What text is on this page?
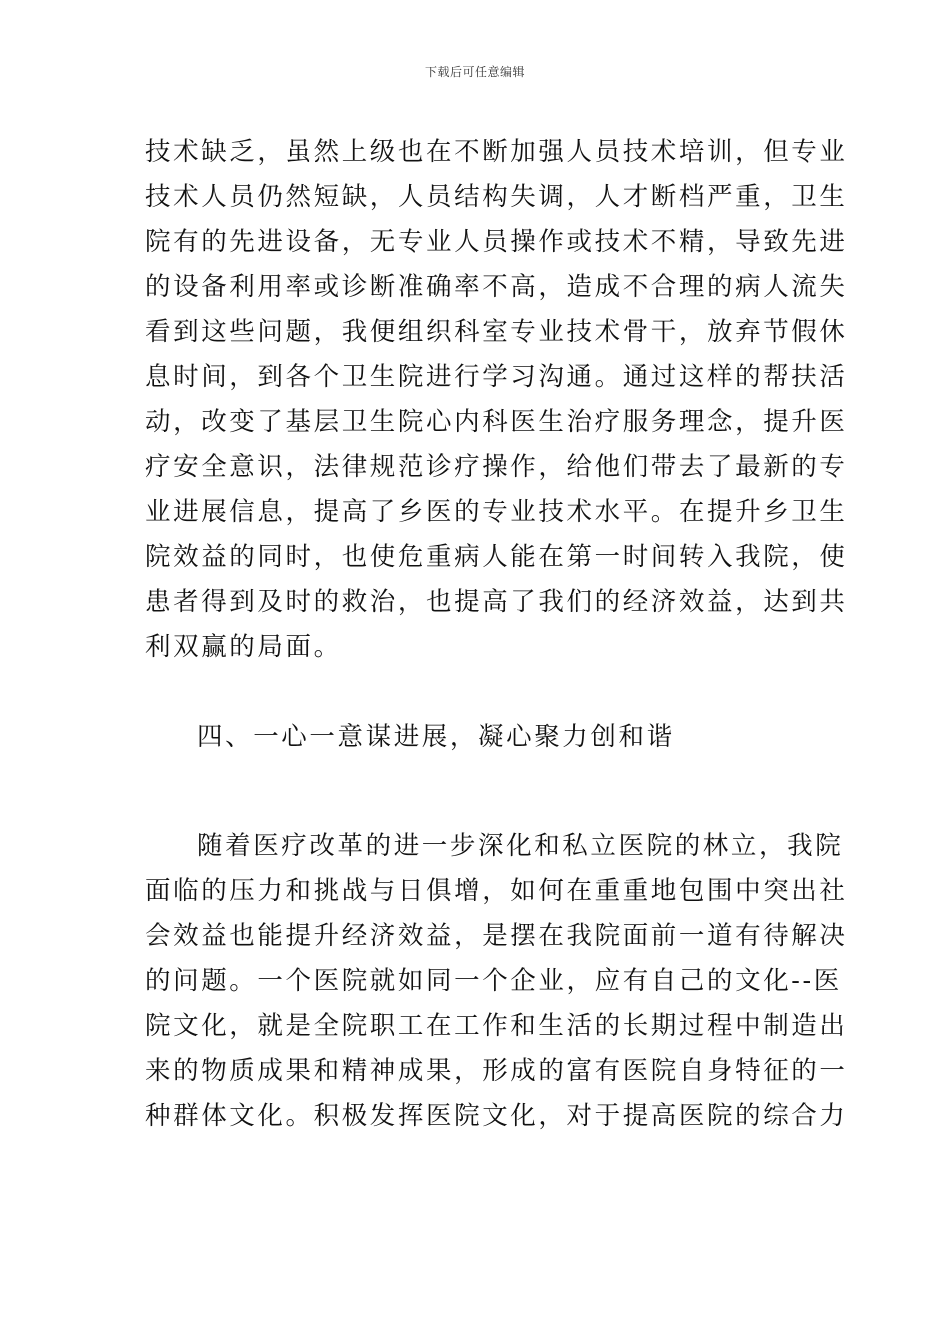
下载后可任意编辑
技术缺乏，虽然上级也在不断加强人员技术培训，但专业
技术人员仍然短缺，人员结构失调，人才断档严重，卫生
院有的先进设备，无专业人员操作或技术不精，导致先进
的设备利用率或诊断准确率不高，造成不合理的病人流失
看到这些问题，我便组织科室专业技术骨干，放弃节假休
息时间，到各个卫生院进行学习沟通。通过这样的帮扶活
动，改变了基层卫生院心内科医生治疗服务理念，提升医
疗安全意识，法律规范诊疗操作，给他们带去了最新的专
业进展信息，提高了乡医的专业技术水平。在提升乡卫生
院效益的同时，也使危重病人能在第一时间转入我院，使
患者得到及时的救治，也提高了我们的经济效益，达到共
利双赢的局面。
四、一心一意谋进展，凝心聚力创和谐
随着医疗改革的进一步深化和私立医院的林立，我院
面临的压力和挑战与日俱增，如何在重重地包围中突出社
会效益也能提升经济效益，是摆在我院面前一道有待解决
的问题。一个医院就如同一个企业，应有自己的文化--医
院文化，就是全院职工在工作和生活的长期过程中制造出
来的物质成果和精神成果，形成的富有医院自身特征的一
种群体文化。积极发挥医院文化，对于提高医院的综合力
